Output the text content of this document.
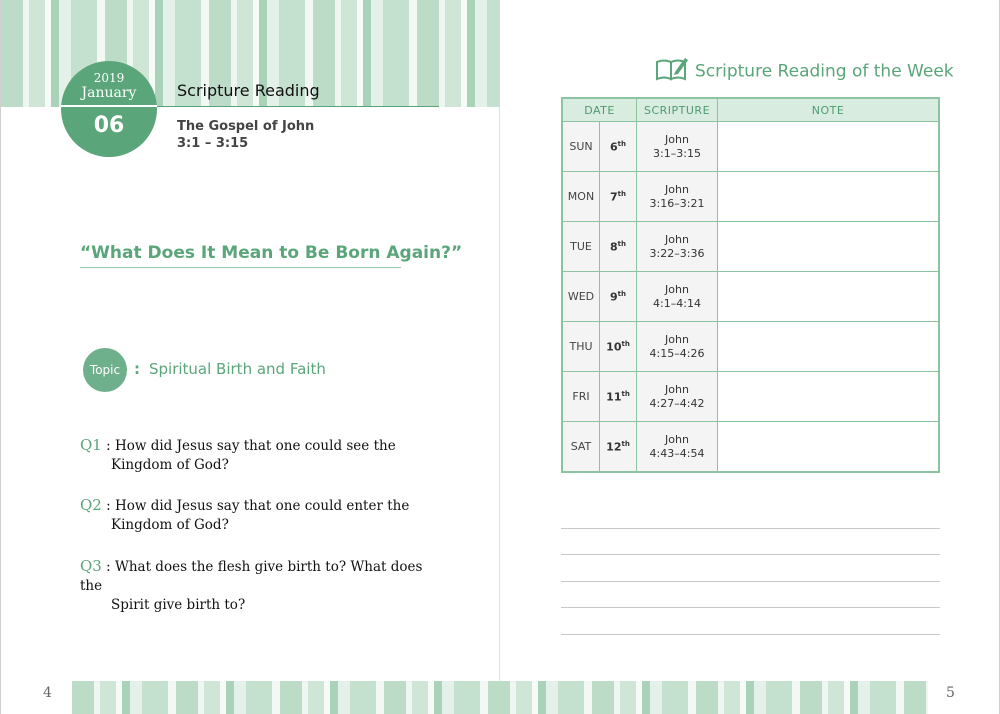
2019
January
06
Scripture Reading
The Gospel of John
3:1 – 3:15
“What Does It Mean to Be Born Again?”
Topic : Spiritual Birth and Faith
Q1 : How did Jesus say that one could see the
Kingdom of God?
Q2 : How did Jesus say that one could enter the
Kingdom of God?
Q3 : What does the flesh give birth to? What does the
Spirit give birth to?
4
Scripture Reading of the Week
DATE		SCRIPTURE	NOTE
SUN	6th	John
3:1–3:15	

MON	7th	John
3:16–3:21	

TUE	8th	John
3:22–3:36	

WED	9th	John
4:1–4:14	

THU	10th	John
4:15–4:26	

FRI	11th	John
4:27–4:42	

SAT	12th	John
4:43–4:54	

5
